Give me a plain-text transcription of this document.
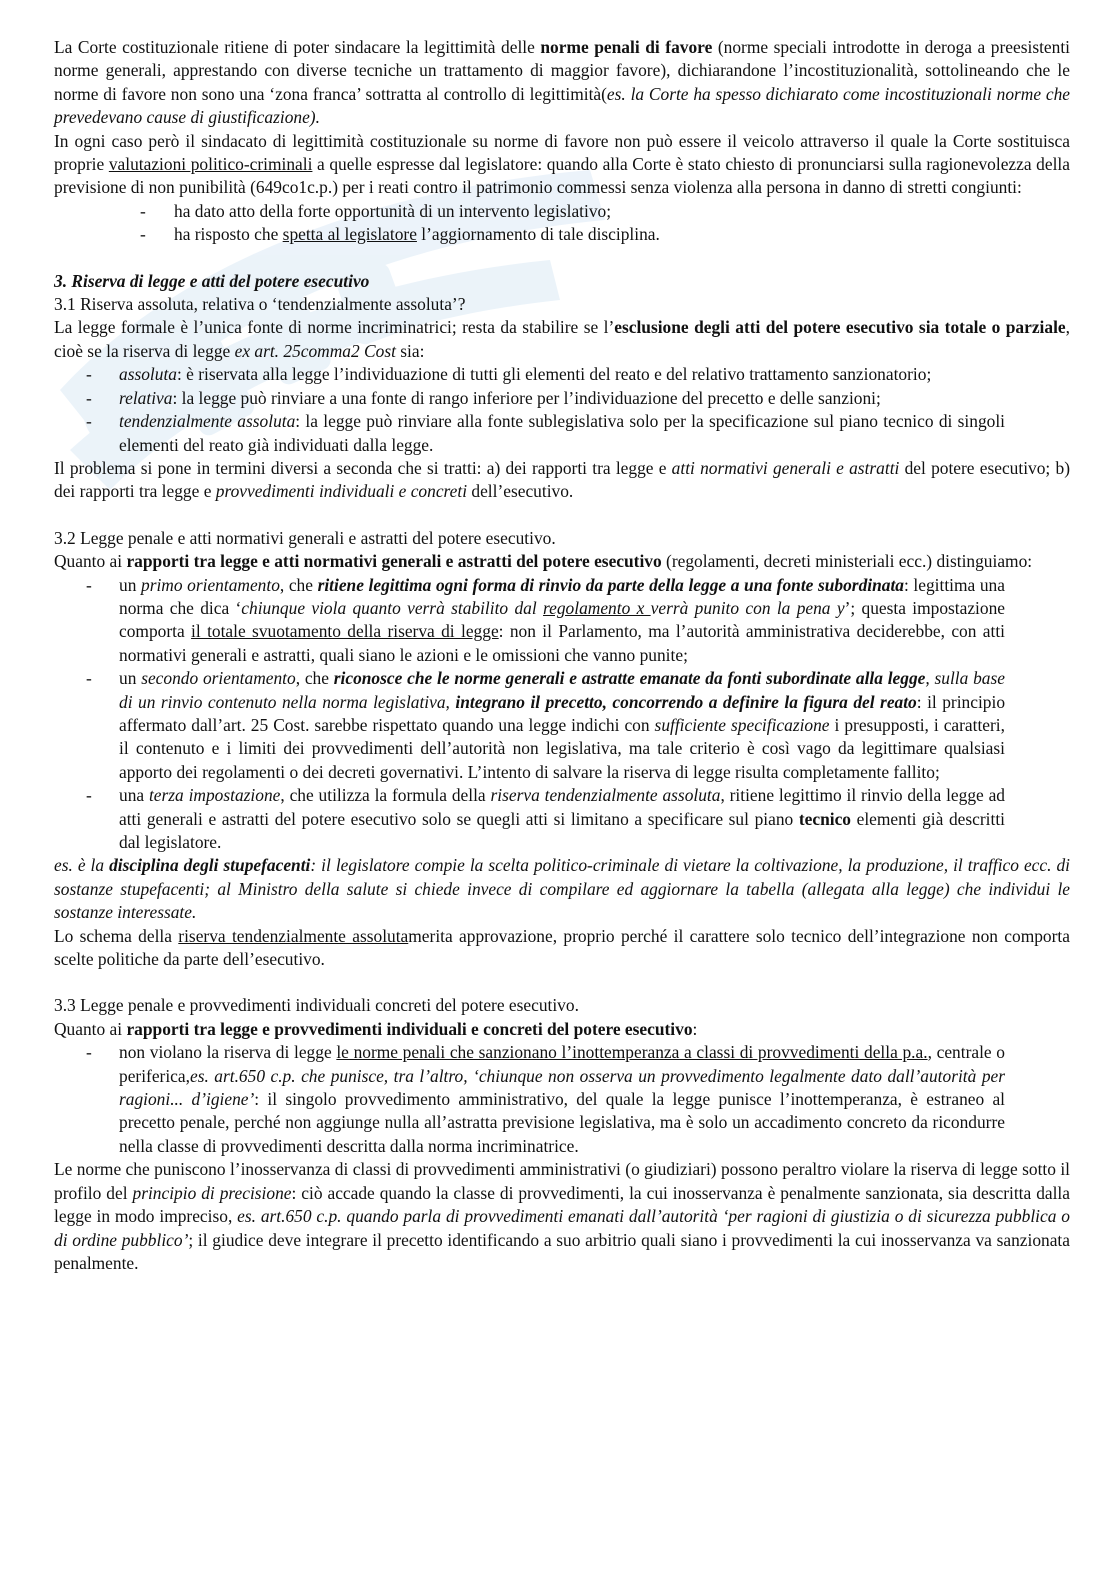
La Corte costituzionale ritiene di poter sindacare la legittimità delle norme penali di favore (norme speciali introdotte in deroga a preesistenti norme generali, apprestando con diverse tecniche un trattamento di maggior favore), dichiarandone l’incostituzionalità, sottolineando che le norme di favore non sono una ‘zona franca’ sottratta al controllo di legittimità(es. la Corte ha spesso dichiarato come incostituzionali norme che prevedevano cause di giustificazione).

In ogni caso però il sindacato di legittimità costituzionale su norme di favore non può essere il veicolo attraverso il quale la Corte sostituisca proprie valutazioni politico-criminali a quelle espresse dal legislatore: quando alla Corte è stato chiesto di pronunciarsi sulla ragionevolezza della previsione di non punibilità (649co1c.p.) per i reati contro il patrimonio commessi senza violenza alla persona in danno di stretti congiunti:

- ha dato atto della forte opportunità di un intervento legislativo;
- ha risposto che spetta al legislatore l’aggiornamento di tale disciplina.

3. Riserva di legge e atti del potere esecutivo

3.1 Riserva assoluta, relativa o ‘tendenzialmente assoluta’?

La legge formale è l’unica fonte di norme incriminatrici; resta da stabilire se l’esclusione degli atti del potere esecutivo sia totale o parziale, cioè se la riserva di legge ex art. 25comma2 Cost sia:

- assoluta: è riservata alla legge l’individuazione di tutti gli elementi del reato e del relativo trattamento sanzionatorio;
- relativa: la legge può rinviare a una fonte di rango inferiore per l’individuazione del precetto e delle sanzioni;
- tendenzialmente assoluta: la legge può rinviare alla fonte sublegislativa solo per la specificazione sul piano tecnico di singoli elementi del reato già individuati dalla legge.

Il problema si pone in termini diversi a seconda che si tratti: a) dei rapporti tra legge e atti normativi generali e astratti del potere esecutivo; b) dei rapporti tra legge e provvedimenti individuali e concreti dell’esecutivo.

3.2 Legge penale e atti normativi generali e astratti del potere esecutivo.

Quanto ai rapporti tra legge e atti normativi generali e astratti del potere esecutivo (regolamenti, decreti ministeriali ecc.) distinguiamo:

- un primo orientamento, che ritiene legittima ogni forma di rinvio da parte della legge a una fonte subordinata: legittima una norma che dica ‘chiunque viola quanto verrà stabilito dal regolamento x verrà punito con la pena y’; questa impostazione comporta il totale svuotamento della riserva di legge: non il Parlamento, ma l’autorità amministrativa deciderebbe, con atti normativi generali e astratti, quali siano le azioni e le omissioni che vanno punite;
- un secondo orientamento, che riconosce che le norme generali e astratte emanate da fonti subordinate alla legge, sulla base di un rinvio contenuto nella norma legislativa, integrano il precetto, concorrendo a definire la figura del reato: il principio affermato dall’art. 25 Cost. sarebbe rispettato quando una legge indichi con sufficiente specificazione i presupposti, i caratteri, il contenuto e i limiti dei provvedimenti dell’autorità non legislativa, ma tale criterio è così vago da legittimare qualsiasi apporto dei regolamenti o dei decreti governativi. L’intento di salvare la riserva di legge risulta completamente fallito;
- una terza impostazione, che utilizza la formula della riserva tendenzialmente assoluta, ritiene legittimo il rinvio della legge ad atti generali e astratti del potere esecutivo solo se quegli atti si limitano a specificare sul piano tecnico elementi già descritti dal legislatore.

es. è la disciplina degli stupefacenti: il legislatore compie la scelta politico-criminale di vietare la coltivazione, la produzione, il traffico ecc. di sostanze stupefacenti; al Ministro della salute si chiede invece di compilare ed aggiornare la tabella (allegata alla legge) che individui le sostanze interessate.

Lo schema della riserva tendenzialmente assolutamerita approvazione, proprio perché il carattere solo tecnico dell’integrazione non comporta scelte politiche da parte dell’esecutivo.

3.3 Legge penale e provvedimenti individuali concreti del potere esecutivo.

Quanto ai rapporti tra legge e provvedimenti individuali e concreti del potere esecutivo:

- non violano la riserva di legge le norme penali che sanzionano l’inottemperanza a classi di provvedimenti della p.a., centrale o periferica,es. art.650 c.p. che punisce, tra l’altro, ‘chiunque non osserva un provvedimento legalmente dato dall’autorità per ragioni... d’igiene’: il singolo provvedimento amministrativo, del quale la legge punisce l’inottemperanza, è estraneo al precetto penale, perché non aggiunge nulla all’astratta previsione legislativa, ma è solo un accadimento concreto da ricondurre nella classe di provvedimenti descritta dalla norma incriminatrice.

Le norme che puniscono l’inosservanza di classi di provvedimenti amministrativi (o giudiziari) possono peraltro violare la riserva di legge sotto il profilo del principio di precisione: ciò accade quando la classe di provvedimenti, la cui inosservanza è penalmente sanzionata, sia descritta dalla legge in modo impreciso, es. art.650 c.p. quando parla di provvedimenti emanati dall’autorità ‘per ragioni di giustizia o di sicurezza pubblica o di ordine pubblico’; il giudice deve integrare il precetto identificando a suo arbitrio quali siano i provvedimenti la cui inosservanza va sanzionata penalmente.
